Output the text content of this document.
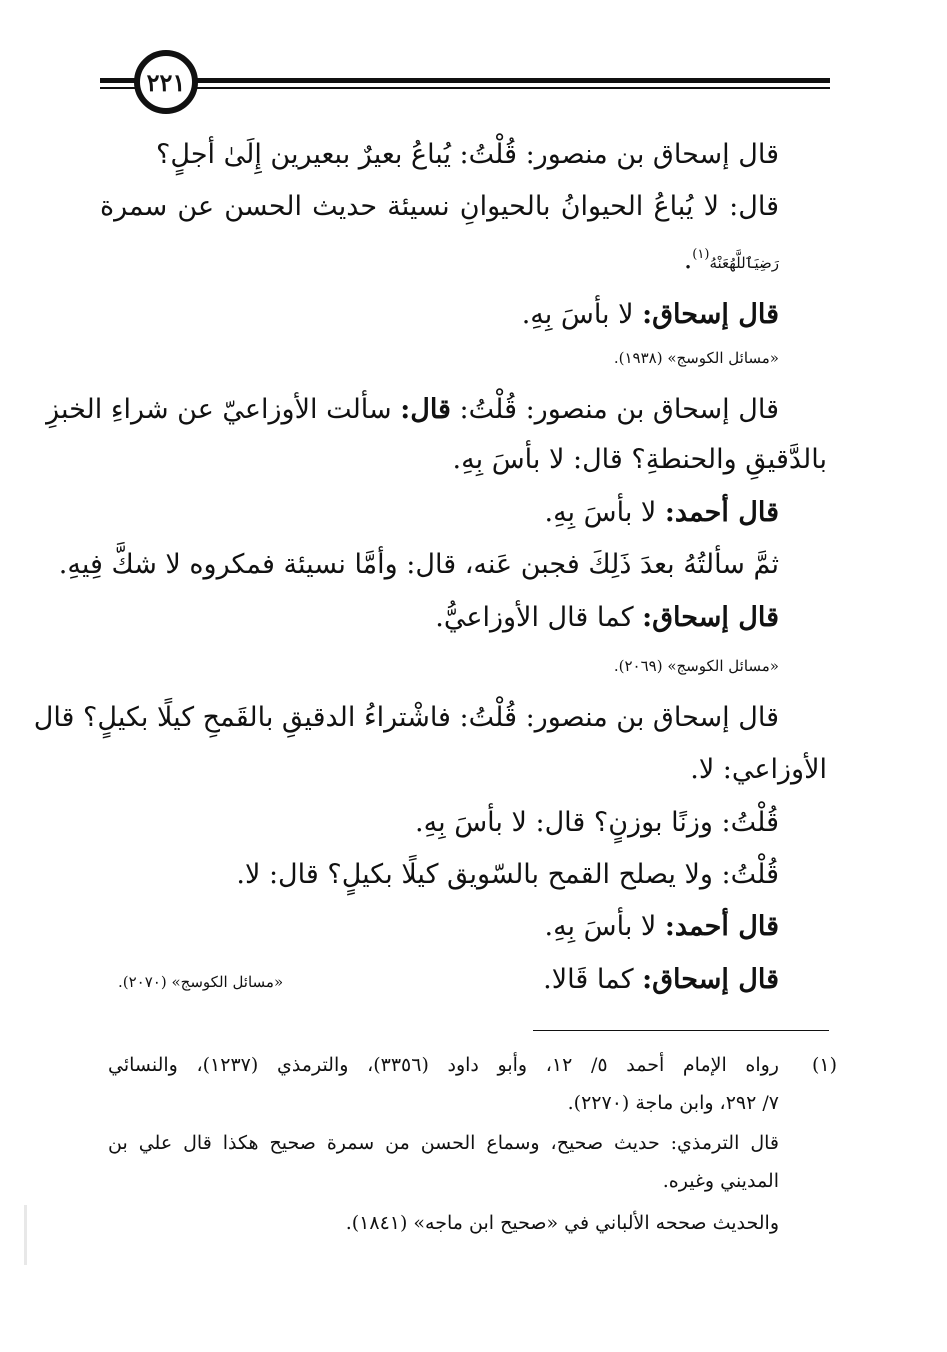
٢٢١
قال إسحاق بن منصور: قُلْتُ: يُباعُ بعيرٌ ببعيرين إِلَىٰ أجلٍ؟
قال: لا يُباعُ الحيوانُ بالحيوانِ نسيئة حديث الحسن عن سمرة
رَضِيَٱللَّهُعَنْهُ$^{(١)}$.
قال إسحاق: لا بأسَ بِهِ.
«مسائل الكوسج» (١٩٣٨).
قال إسحاق بن منصور: قُلْتُ: قال: سألت الأوزاعيّ عن شراءِ الخبزِ
بالدَّقيقِ والحنطةِ؟ قال: لا بأسَ بِهِ.
قال أحمد: لا بأسَ بِهِ.
ثمَّ سألتُهُ بعدَ ذَلِكَ فجبن عَنه، قال: وأمَّا نسيئة فمكروه لا شكَّ فِيهِ.
قال إسحاق: كما قال الأوزاعيُّ.
«مسائل الكوسج» (٢٠٦٩).
قال إسحاق بن منصور: قُلْتُ: فاشْتراءُ الدقيقِ بالقَمحِ كيلًا بكيلٍ؟ قال
الأوزاعي: لا.
قُلْتُ: وزنًا بوزنٍ؟ قال: لا بأسَ بِهِ.
قُلْتُ: ولا يصلح القمح بالسّويق كيلًا بكيلٍ؟ قال: لا.
قال أحمد: لا بأسَ بِهِ.
قال إسحاق: كما قَالا.
«مسائل الكوسج» (٢٠٧٠).
(١)
رواه الإمام أحمد ٥/ ١٢، وأبو داود (٣٣٥٦)، والترمذي (١٢٣٧)، والنسائي
٧/ ٢٩٢، وابن ماجة (٢٢٧٠).
قال الترمذي: حديث صحيح، وسماع الحسن من سمرة صحيح هكذا قال علي بن
المديني وغيره.
والحديث صححه الألباني في «صحيح ابن ماجه» (١٨٤١).
